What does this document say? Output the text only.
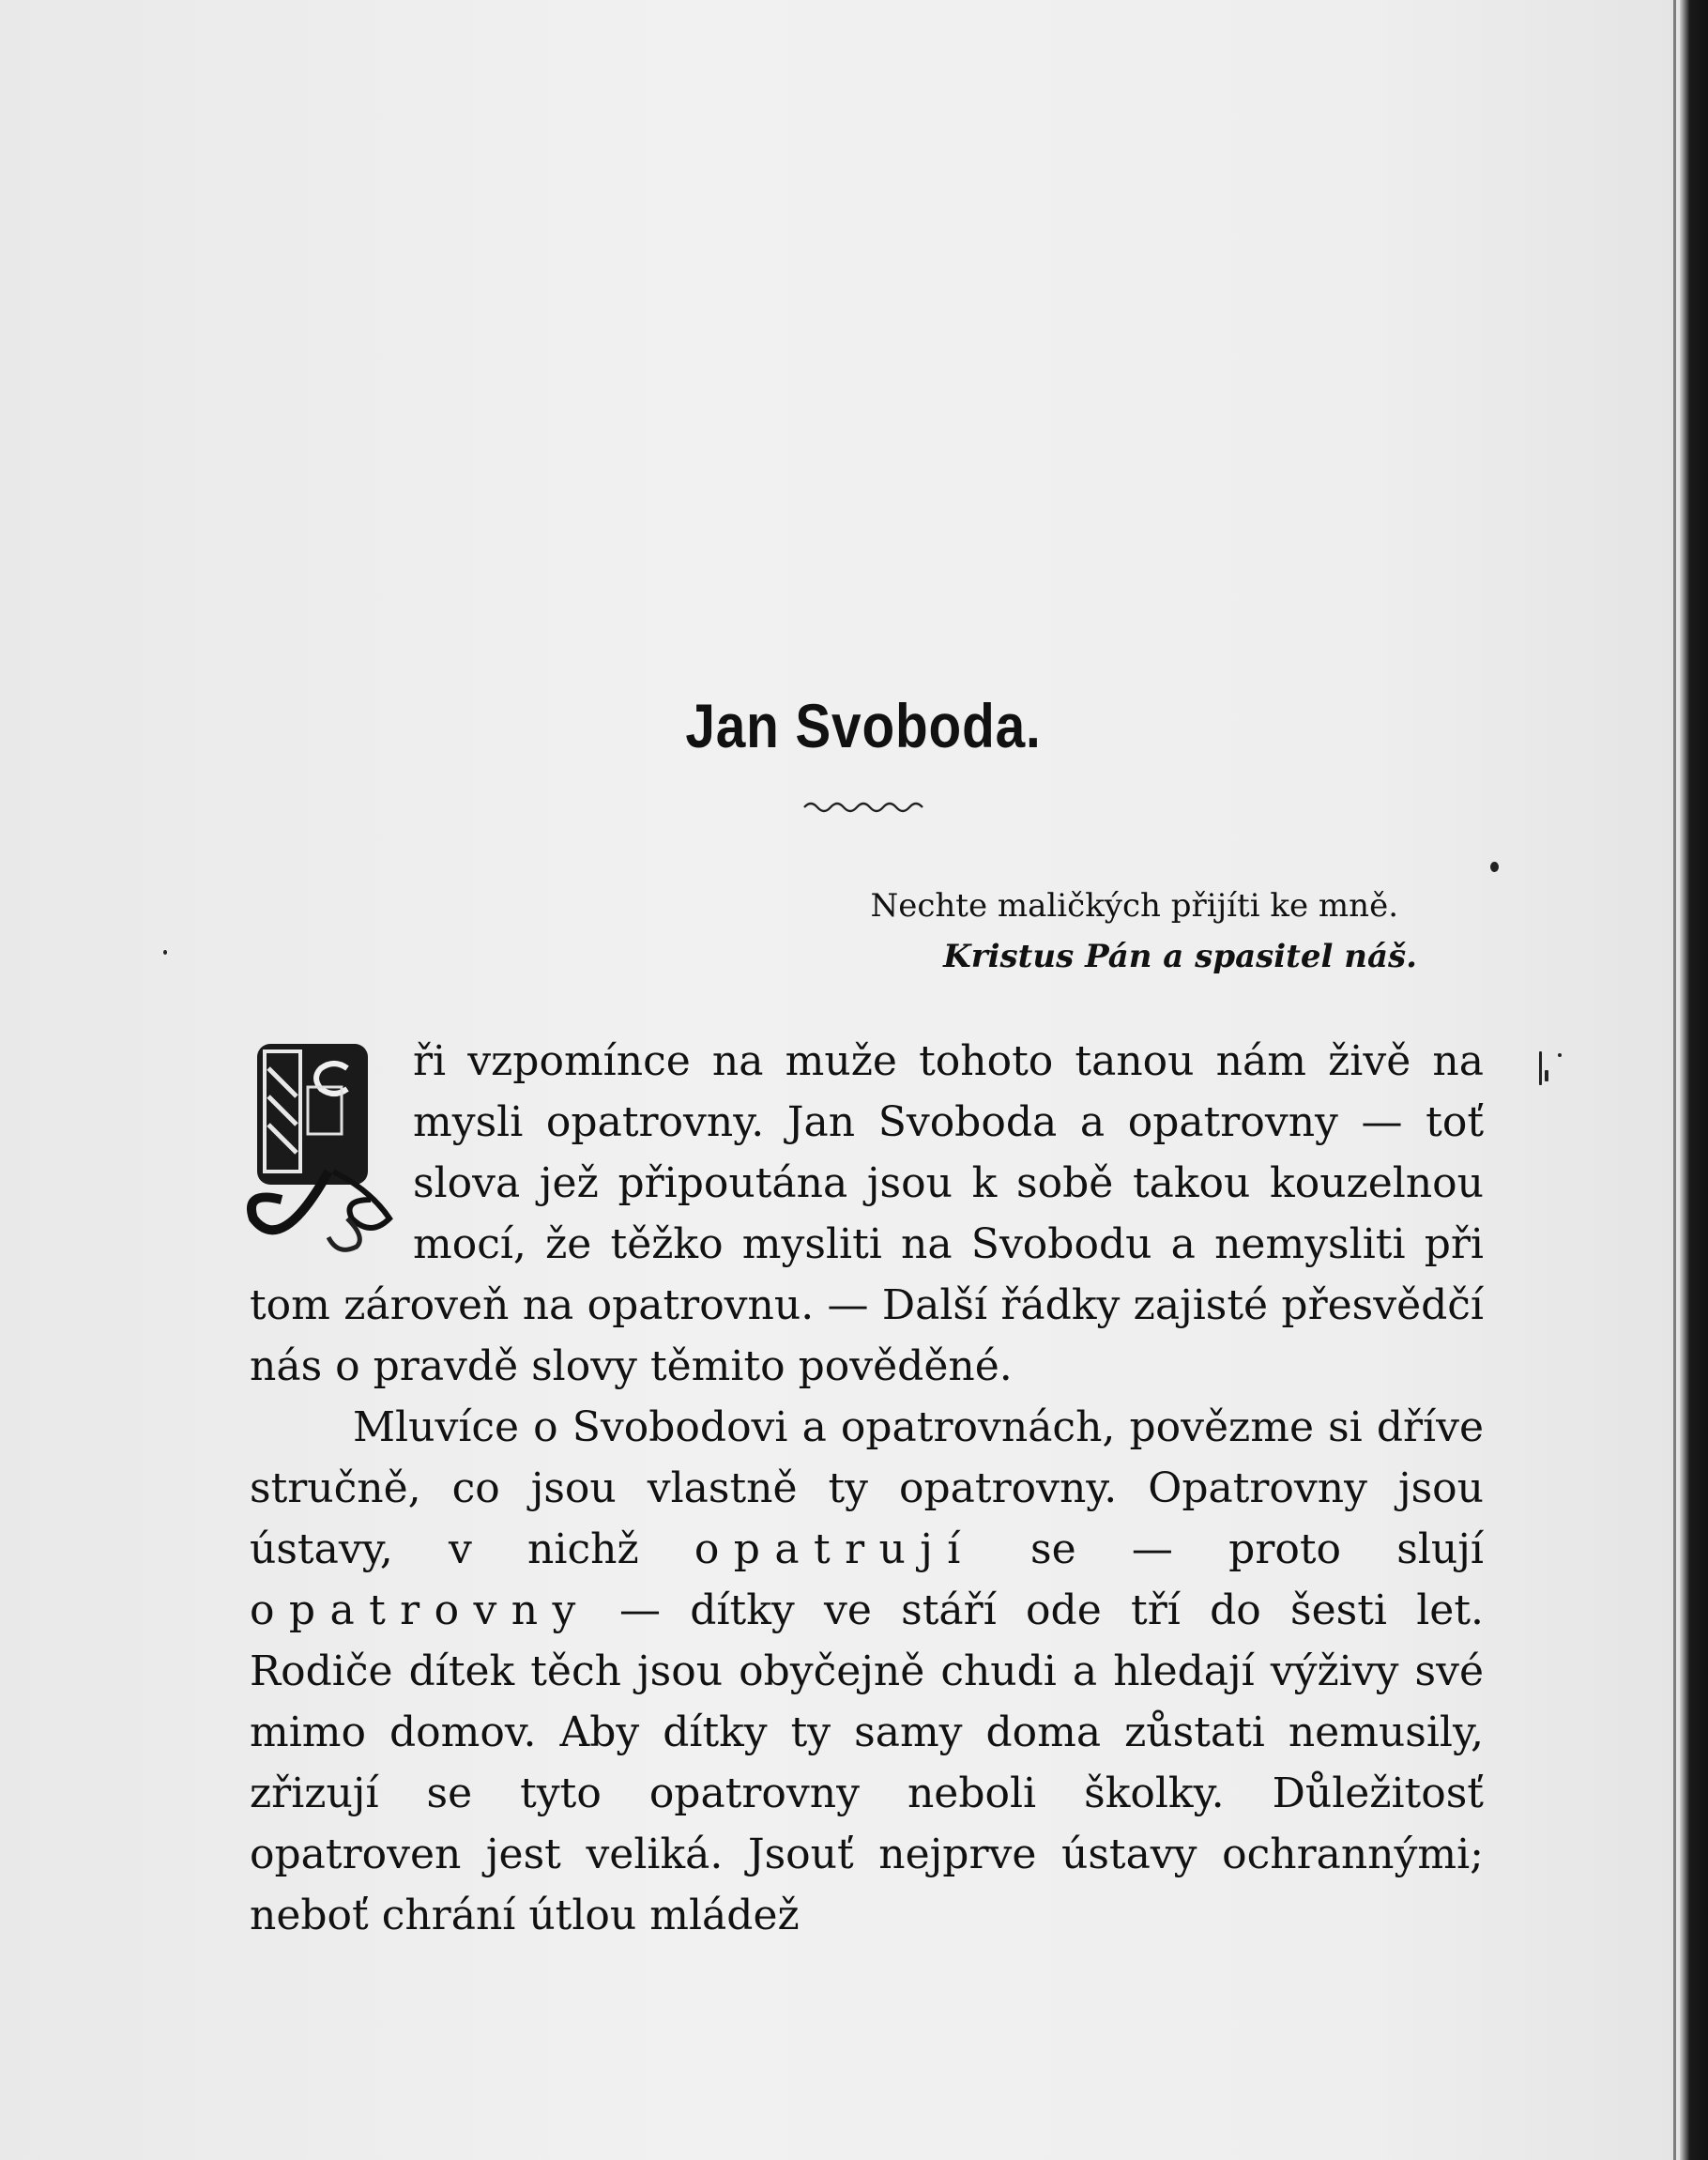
Jan Svoboda.
Nechte maličkých přijíti ke mně.
Kristus Pán a spasitel náš.

ři vzpomínce na muže tohoto tanou nám živě na mysli opatrovny. Jan Svoboda a opatrovny — toť slova jež připoutána jsou k sobě takou kouzelnou mocí, že těžko mysliti na Svobodu a nemysliti při tom zároveň na opatrovnu. — Další řádky zajisté přesvědčí nás o pravdě slovy těmito pověděné.

Mluvíce o Svobodovi a opatrovnách, povězme si dříve stručně, co jsou vlastně ty opatrovny. Opatrovny jsou ústavy, v nichž opatrují se — proto slují opatrovny — dítky ve stáří ode tří do šesti let. Rodiče dítek těch jsou obyčejně chudi a hledají výživy své mimo domov. Aby dítky ty samy doma zůstati nemusily, zřizují se tyto opatrovny neboli školky. Důležitosť opatroven jest veliká. Jsouť nejprve ústavy ochrannými; neboť chrání útlou mládež
